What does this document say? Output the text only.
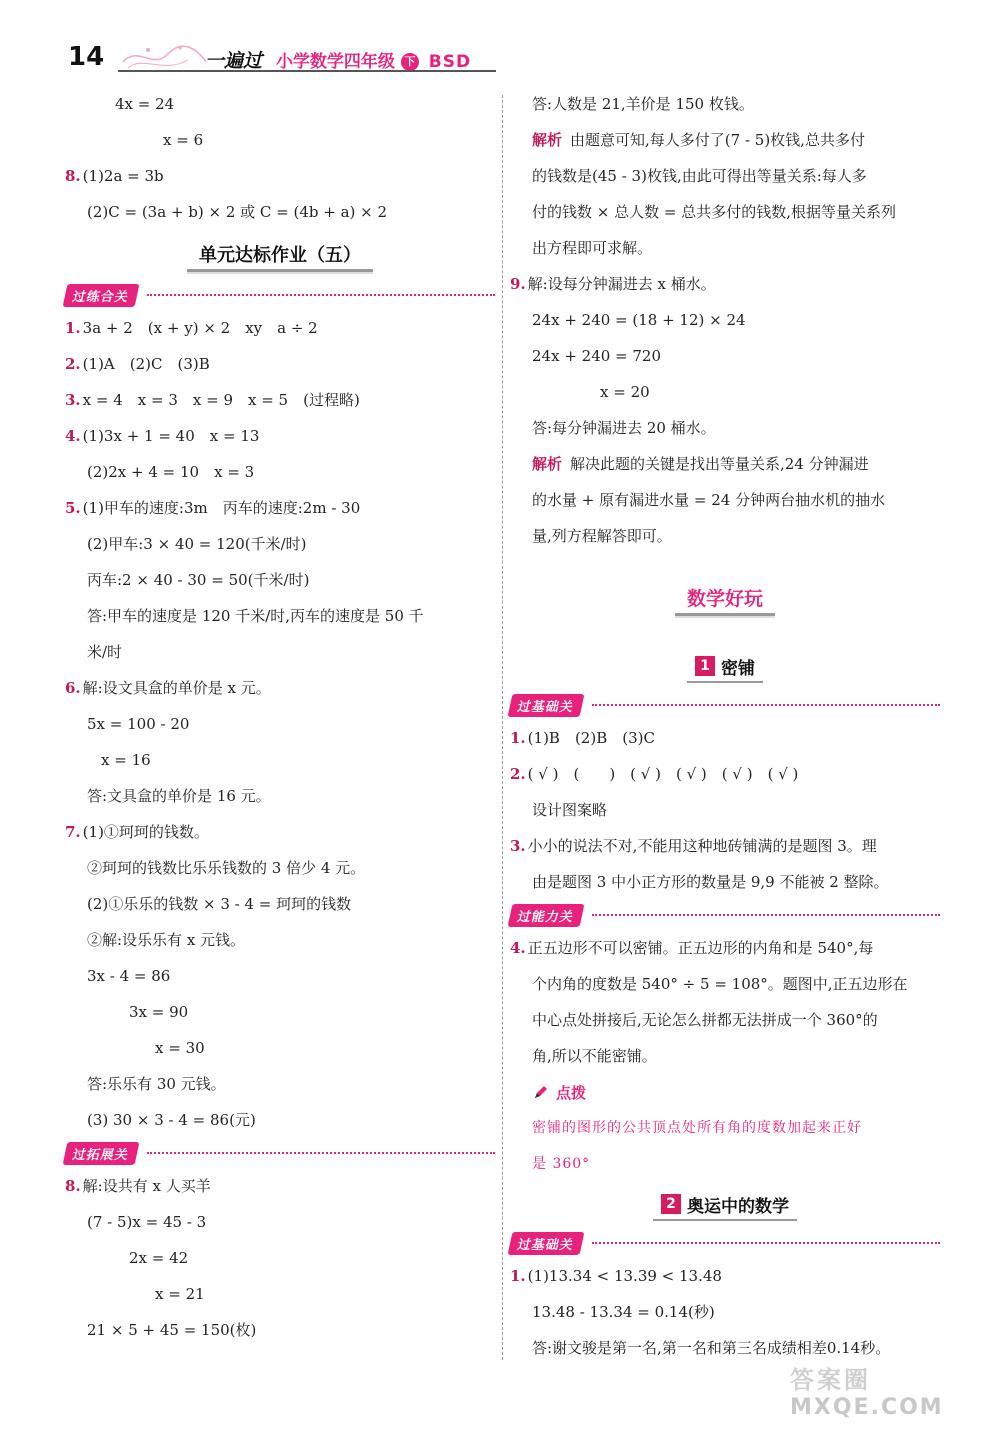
14	一遍过 小学数学四年级 下 BSD
4x = 24
x = 6
8. (1)2a = 3b
(2)C = (3a + b) × 2 或 C = (4b + a) × 2
单元达标作业（五）
过练合关
1. 3a + 2　(x + y) × 2　xy　a ÷ 2
2. (1)A　(2)C　(3)B
3. x = 4　x = 3　x = 9　x = 5　(过程略)
4. (1)3x + 1 = 40　x = 13
(2)2x + 4 = 10　x = 3
5. (1)甲车的速度:3m　丙车的速度:2m - 30
(2)甲车:3 × 40 = 120(千米/时)
丙车:2 × 40 - 30 = 50(千米/时)
答:甲车的速度是 120 千米/时,丙车的速度是 50 千
米/时
6. 解:设文具盒的单价是 x 元。
5x = 100 - 20
x = 16
答:文具盒的单价是 16 元。
7. (1)①珂珂的钱数。
②珂珂的钱数比乐乐钱数的 3 倍少 4 元。
(2)①乐乐的钱数 × 3 - 4 = 珂珂的钱数
②解:设乐乐有 x 元钱。
3x - 4 = 86
3x = 90
x = 30
答:乐乐有 30 元钱。
(3) 30 × 3 - 4 = 86(元)
过拓展关
8. 解:设共有 x 人买羊
(7 - 5)x = 45 - 3
2x = 42
x = 21
21 × 5 + 45 = 150(枚)
答:人数是 21,羊价是 150 枚钱。
解析 由题意可知,每人多付了(7 - 5)枚钱,总共多付
的钱数是(45 - 3)枚钱,由此可得出等量关系:每人多
付的钱数 × 总人数 = 总共多付的钱数,根据等量关系列
出方程即可求解。
9. 解:设每分钟漏进去 x 桶水。
24x + 240 = (18 + 12) × 24
24x + 240 = 720
x = 20
答:每分钟漏进去 20 桶水。
解析 解决此题的关键是找出等量关系,24 分钟漏进
的水量 + 原有漏进水量 = 24 分钟两台抽水机的抽水
量,列方程解答即可。
数学好玩
1 密铺
过基础关
1. (1)B　(2)B　(3)C
2. ( √ )　(　　)　( √ )　( √ )　( √ )　( √ )
设计图案略
3. 小小的说法不对,不能用这种地砖铺满的是题图 3。理
由是题图 3 中小正方形的数量是 9,9 不能被 2 整除。
过能力关
4. 正五边形不可以密铺。正五边形的内角和是 540°,每
个内角的度数是 540° ÷ 5 = 108°。题图中,正五边形在
中心点处拼接后,无论怎么拼都无法拼成一个 360°的
角,所以不能密铺。
点拨
密铺的图形的公共顶点处所有角的度数加起来正好
是 360°
2 奥运中的数学
过基础关
1. (1)13.34 < 13.39 < 13.48
13.48 - 13.34 = 0.14(秒)
答:谢文骏是第一名,第一名和第三名成绩相差0.14秒。
答案圈
MXQE.COM
